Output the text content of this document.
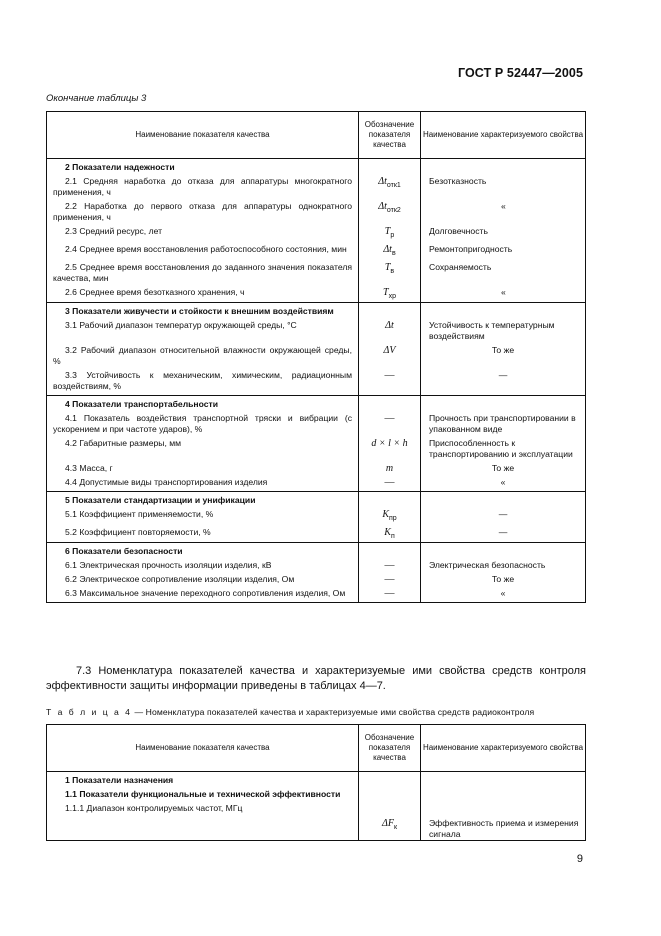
ГОСТ Р 52447—2005
Окончание таблицы 3
Наименование показателя качества	Обозначение показателя качества	Наименование характеризуемого свойства

2 Показатели надежности		

2.1 Средняя наработка до отказа для аппаратуры многократного применения, ч	$\Delta t_{отк1}$	Безотказность

2.2 Наработка до первого отказа для аппаратуры однократного применения, ч	$\Delta t_{отк2}$	«

2.3 Средний ресурс, лет	$T_р$	Долговечность

2.4 Среднее время восстановления работоспособного состояния, мин	$\Delta t_в$	Ремонтопригодность

2.5 Среднее время восстановления до заданного значения показателя качества, мин	$T_в$	Сохраняемость

2.6 Среднее время безотказного хранения, ч	$T_{хр}$	«

3 Показатели живучести и стойкости к внешним воздействиям		

3.1 Рабочий диапазон температур окружающей среды, °С	Δt	Устойчивость к температурным воздействиям

3.2 Рабочий диапазон относительной влажности окружающей среды, %	ΔV	То же

3.3 Устойчивость к механическим, химическим, радиационным воздействиям, %	—	—

4 Показатели транспортабельности		

4.1 Показатель воздействия транспортной тряски и вибрации (с ускорением и при частоте ударов), %	—	Прочность при транспортировании в упакованном виде

4.2 Габаритные размеры, мм	d × l × h	Приспособленность к транспортированию и эксплуатации

4.3 Масса, г	m	То же

4.4 Допустимые виды транспортирования изделия	—	«

5 Показатели стандартизации и унификации		

5.1 Коэффициент применяемости, %	$K_{пр}$	—

5.2 Коэффициент повторяемости, %	$K_п$	—

6 Показатели безопасности		

6.1 Электрическая прочность изоляции изделия, кВ	—	Электрическая безопасность

6.2 Электрическое сопротивление изоляции изделия, Ом	—	То же

6.3 Максимальное значение переходного сопротивления изделия, Ом	—	«
7.3 Номенклатура показателей качества и характеризуемые ими свойства средств контроля эффективности защиты информации приведены в таблицах 4—7.
Т а б л и ц а 4 — Номенклатура показателей качества и характеризуемые ими свойства средств радиоконтроля
Наименование показателя качества	Обозначение показателя качества	Наименование характеризуемого свойства

1 Показатели назначения		

1.1 Показатели функциональные и технической эффективности		

1.1.1 Диапазон контролируемых частот, МГц	$\Delta F_к$	Эффективность приема и измерения сигнала
9
